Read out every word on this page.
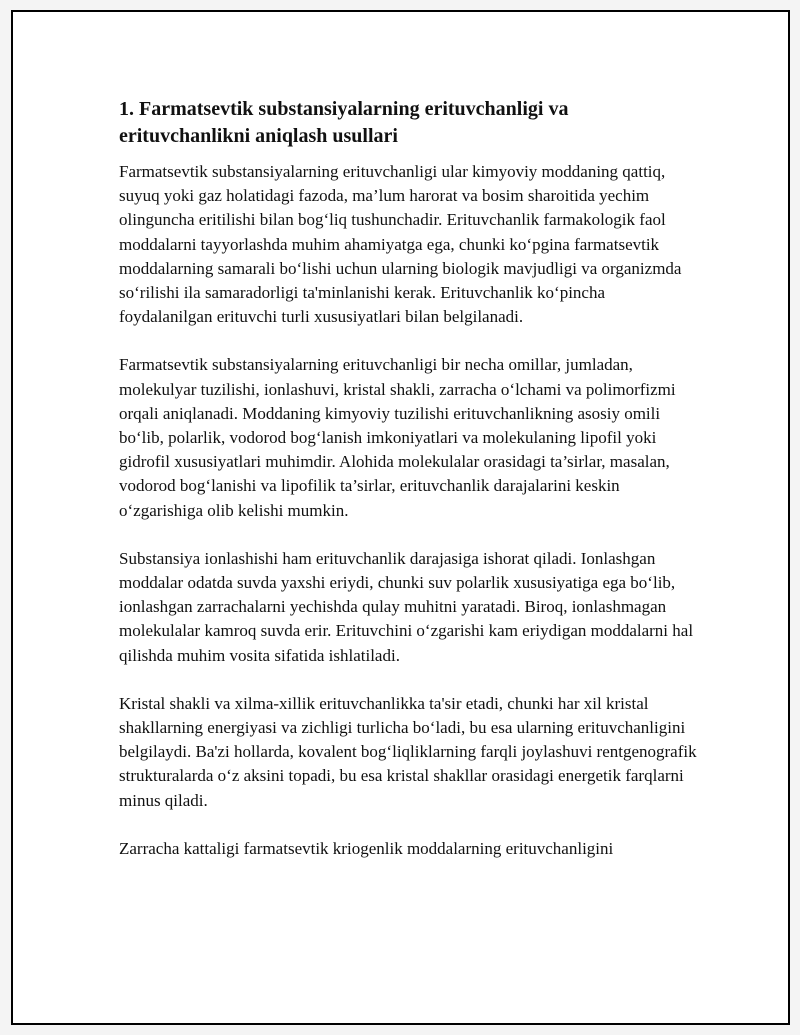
1. Farmatsevtik substansiyalarning erituvchanligi va erituvchanlikni aniqlash usullari

Farmatsevtik substansiyalarning erituvchanligi ular kimyoviy moddaning qattiq, suyuq yoki gaz holatidagi fazoda, ma’lum harorat va bosim sharoitida yechim olinguncha eritilishi bilan bog‘liq tushunchadir. Erituvchanlik farmakologik faol moddalarni tayyorlashda muhim ahamiyatga ega, chunki ko‘pgina farmatsevtik moddalarning samarali bo‘lishi uchun ularning biologik mavjudligi va organizmda so‘rilishi ila samaradorligi ta'minlanishi kerak. Erituvchanlik ko‘pincha foydalanilgan erituvchi turli xususiyatlari bilan belgilanadi.

Farmatsevtik substansiyalarning erituvchanligi bir necha omillar, jumladan, molekulyar tuzilishi, ionlashuvi, kristal shakli, zarracha o‘lchami va polimorfizmi orqali aniqlanadi. Moddaning kimyoviy tuzilishi erituvchanlikning asosiy omili bo‘lib, polarlik, vodorod bog‘lanish imkoniyatlari va molekulaning lipofil yoki gidrofil xususiyatlari muhimdir. Alohida molekulalar orasidagi ta’sirlar, masalan, vodorod bog‘lanishi va lipofilik ta’sirlar, erituvchanlik darajalarini keskin o‘zgarishiga olib kelishi mumkin.

Substansiya ionlashishi ham erituvchanlik darajasiga ishorat qiladi. Ionlashgan moddalar odatda suvda yaxshi eriydi, chunki suv polarlik xususiyatiga ega bo‘lib, ionlashgan zarrachalarni yechishda qulay muhitni yaratadi. Biroq, ionlashmagan molekulalar kamroq suvda erir. Erituvchini o‘zgarishi kam eriydigan moddalarni hal qilishda muhim vosita sifatida ishlatiladi.

Kristal shakli va xilma-xillik erituvchanlikka ta'sir etadi, chunki har xil kristal shakllarning energiyasi va zichligi turlicha bo‘ladi, bu esa ularning erituvchanligini belgilaydi. Ba'zi hollarda, kovalent bog‘liqliklarning farqli joylashuvi rentgenografik strukturalarda o‘z aksini topadi, bu esa kristal shakllar orasidagi energetik farqlarni minus qiladi.

Zarracha kattaligi farmatsevtik kriogenlik moddalarning erituvchanligini
